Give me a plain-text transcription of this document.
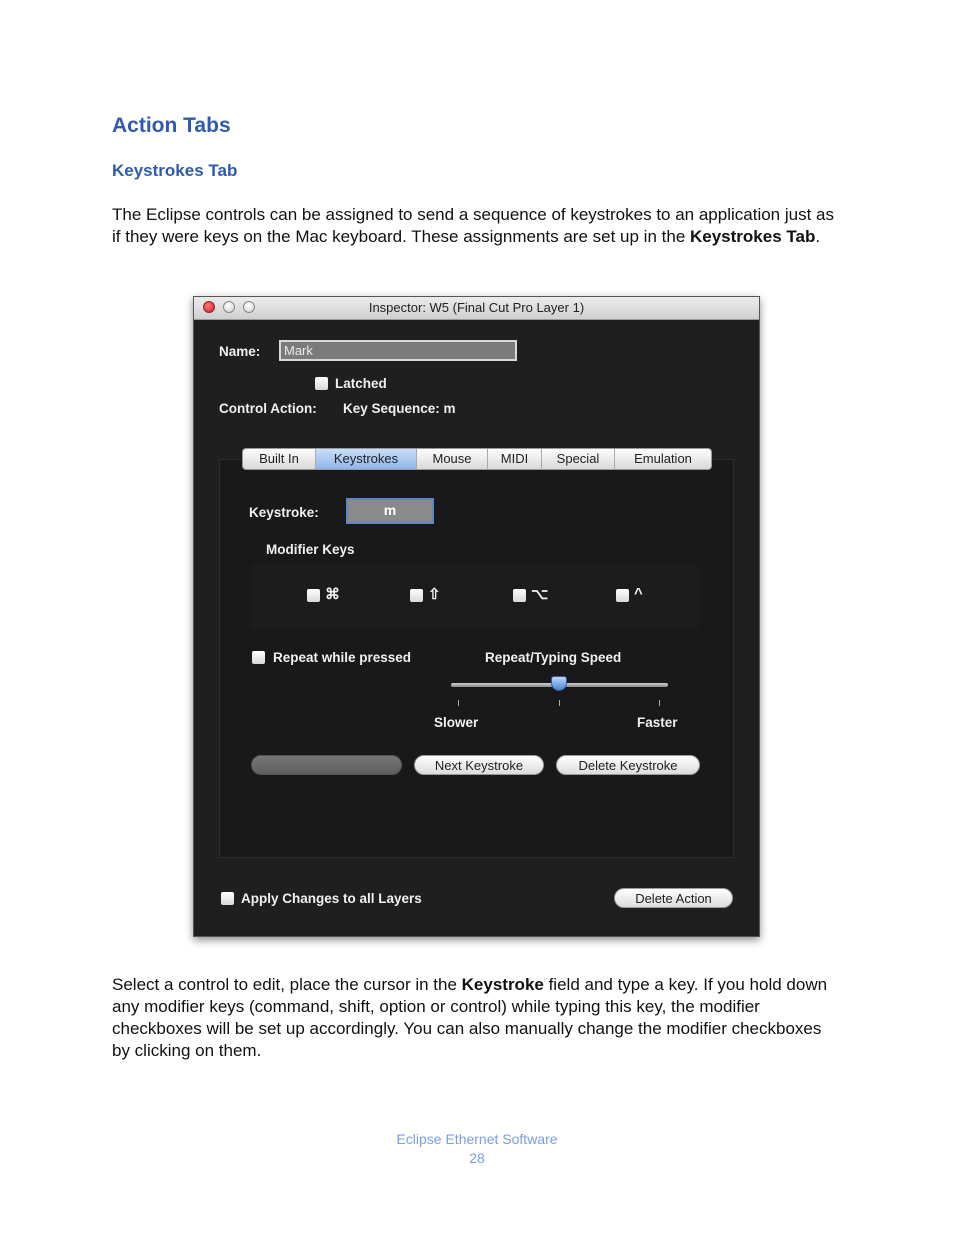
Action Tabs
Keystrokes Tab
The Eclipse controls can be assigned to send a sequence of keystrokes to an application just as if they were keys on the Mac keyboard. These assignments are set up in the Keystrokes Tab.
Inspector: W5 (Final Cut Pro Layer 1)
Name:	Mark
Latched
Control Action: Key Sequence: m
Built In	Keystrokes	Mouse	MIDI	Special	Emulation
Keystroke:	m
Modifier Keys
⌘	⇧	⌥	^
Repeat while pressed	Repeat/Typing Speed
Slower	Faster
Next Keystroke	Delete Keystroke
Apply Changes to all Layers	Delete Action
Select a control to edit, place the cursor in the Keystroke field and type a key. If you hold down any modifier keys (command, shift, option or control) while typing this key, the modifier checkboxes will be set up accordingly. You can also manually change the modifier checkboxes by clicking on them.
Eclipse Ethernet Software
28
